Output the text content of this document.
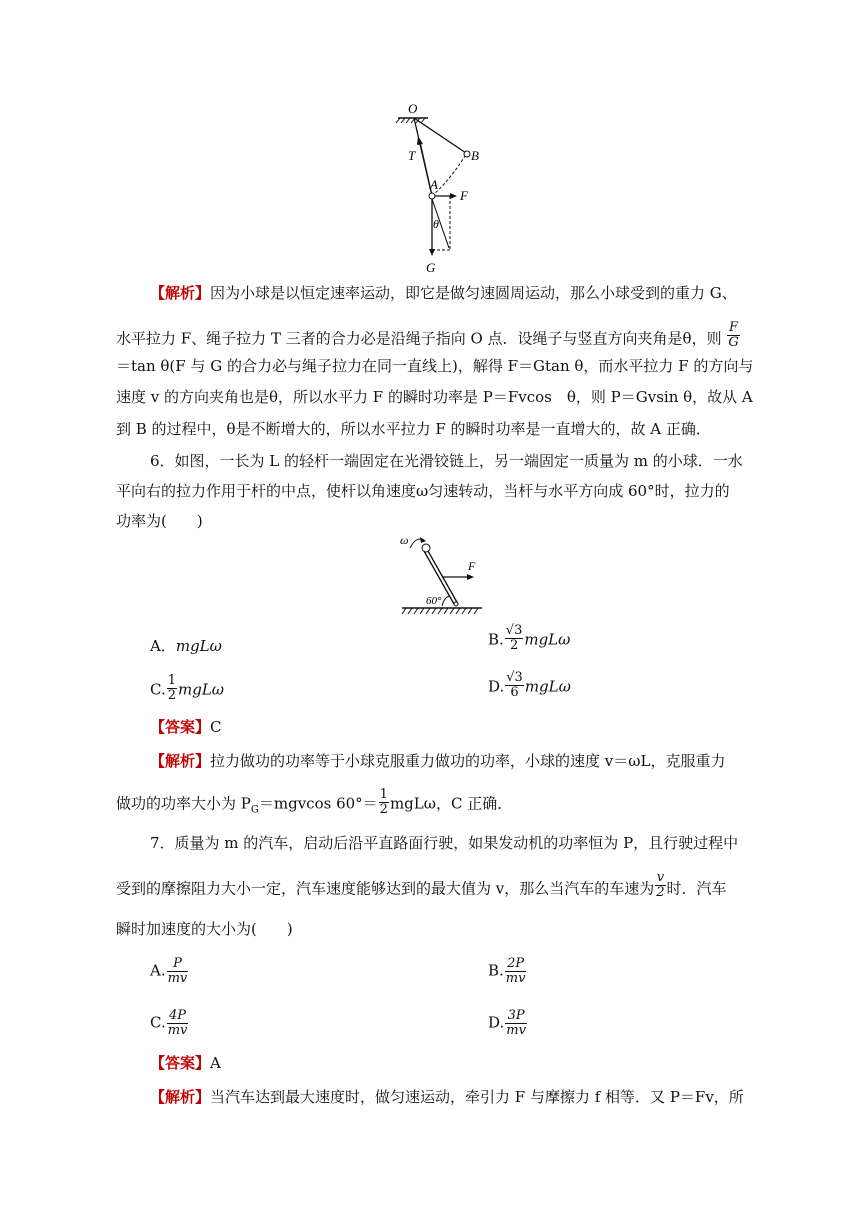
O
T	B
A
F
θ
G
【解析】因为小球是以恒定速率运动，即它是做匀速圆周运动，那么小球受到的重力 G、
水平拉力 F、绳子拉力 T 三者的合力必是沿绳子指向 O 点．设绳子与竖直方向夹角是θ，则 $\frac{F}{G}$
＝tan θ(F 与 G 的合力必与绳子拉力在同一直线上)，解得 F＝Gtan θ，而水平拉力 F 的方向与
速度 v 的方向夹角也是θ，所以水平力 F 的瞬时功率是 P＝Fvcos　θ，则 P＝Gvsin θ，故从 A
到 B 的过程中，θ是不断增大的，所以水平拉力 F 的瞬时功率是一直增大的，故 A 正确．
6．如图，一长为 L 的轻杆一端固定在光滑铰链上，另一端固定一质量为 m 的小球．一水
平向右的拉力作用于杆的中点，使杆以角速度ω匀速转动，当杆与水平方向成 60°时，拉力的
功率为(　　)
ω
F
60°
A．mgLω	B. $\frac{√3}{2}$ mgLω
C. $\frac{1}{2}$ mgLω	D. $\frac{√3}{6}$ mgLω
【答案】C
【解析】拉力做功的功率等于小球克服重力做功的功率，小球的速度 v＝ωL，克服重力
做功的功率大小为 $P_G=mgvcos$ $60^\circ= \frac{1}{2}$ mgLω，C 正确．
7．质量为 m 的汽车，启动后沿平直路面行驶，如果发动机的功率恒为 P，且行驶过程中
受到的摩擦阻力大小一定，汽车速度能够达到的最大值为 v，那么当汽车的车速为 $\frac{v}{2}$ 时．汽车
瞬时加速度的大小为(　　)
A. $\frac{P}{mv}$	B. $\frac{2P}{mv}$
C. $\frac{4P}{mv}$	D. $\frac{3P}{mv}$
【答案】A
【解析】当汽车达到最大速度时，做匀速运动，牵引力 F 与摩擦力 f 相等．又 P＝Fv，所
